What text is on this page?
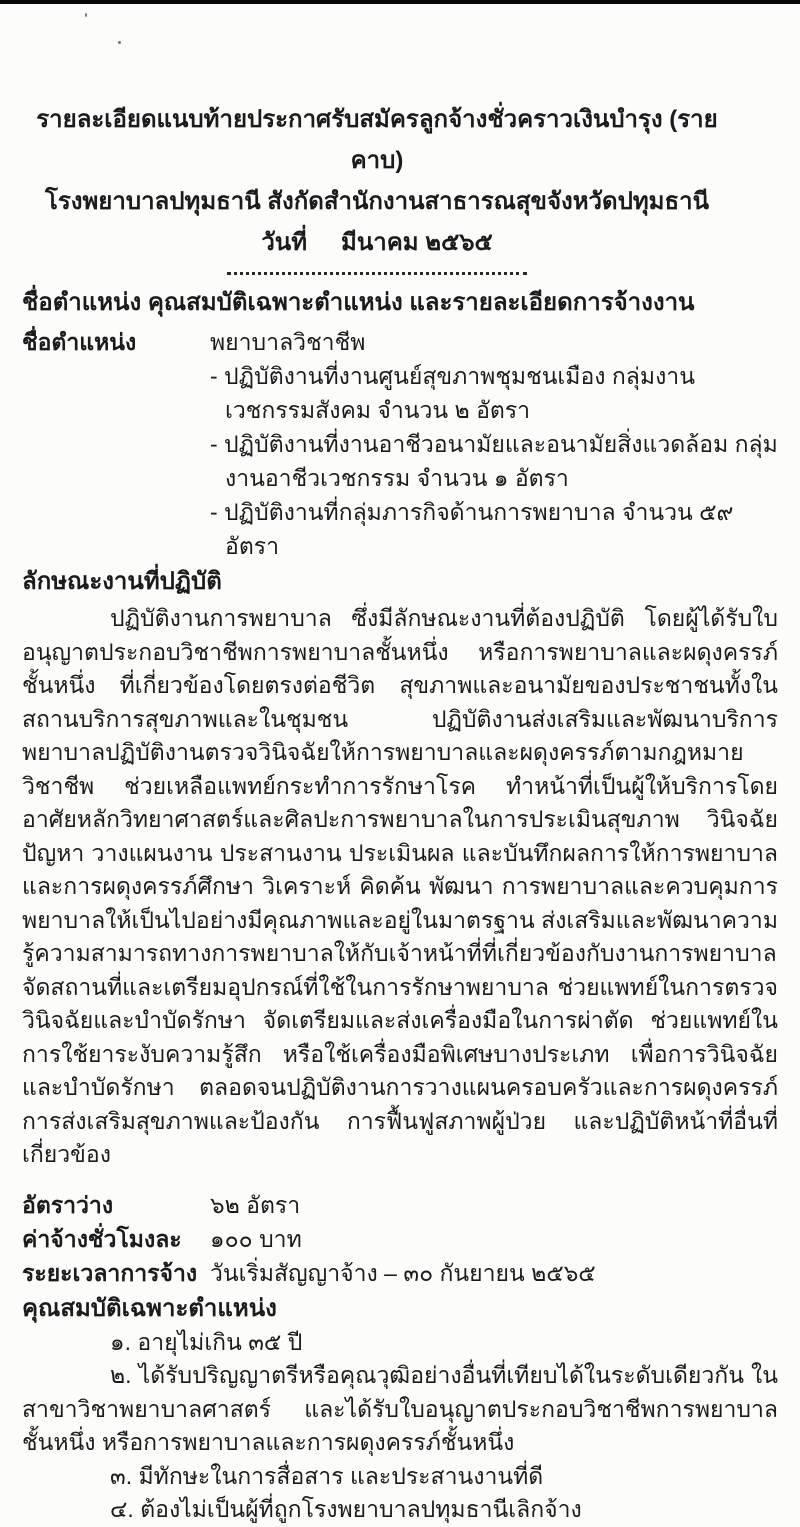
รายละเอียดแนบท้ายประกาศรับสมัครลูกจ้างชั่วคราวเงินบำรุง (รายคาบ)
โรงพยาบาลปทุมธานี สังกัดสำนักงานสาธารณสุขจังหวัดปทุมธานี
วันที่ มีนาคม ๒๕๖๕
ชื่อตำแหน่ง คุณสมบัติเฉพาะตำแหน่ง และรายละเอียดการจ้างงาน
ชื่อตำแหน่ง	พยาบาลวิชาชีพ
- ปฏิบัติงานที่งานศูนย์สุขภาพชุมชนเมือง กลุ่มงานเวชกรรมสังคม จำนวน ๒ อัตรา
- ปฏิบัติงานที่งานอาชีวอนามัยและอนามัยสิ่งแวดล้อม กลุ่มงานอาชีวเวชกรรม จำนวน ๑ อัตรา
- ปฏิบัติงานที่กลุ่มภารกิจด้านการพยาบาล จำนวน ๕๙ อัตรา
ลักษณะงานที่ปฏิบัติ

ปฏิบัติงานการพยาบาล ซึ่งมีลักษณะงานที่ต้องปฏิบัติ โดยผู้ได้รับใบอนุญาตประกอบวิชาชีพการพยาบาลชั้นหนึ่ง หรือการพยาบาลและผดุงครรภ์ชั้นหนึ่ง ที่เกี่ยวข้องโดยตรงต่อชีวิต สุขภาพและอนามัยของประชาชนทั้งในสถานบริการสุขภาพและในชุมชน ปฏิบัติงานส่งเสริมและพัฒนาบริการพยาบาลปฏิบัติงานตรวจวินิจฉัยให้การพยาบาลและผดุงครรภ์ตามกฎหมายวิชาชีพ ช่วยเหลือแพทย์กระทำการรักษาโรค ทำหน้าที่เป็นผู้ให้บริการโดยอาศัยหลักวิทยาศาสตร์และศิลปะการพยาบาลในการประเมินสุขภาพ วินิจฉัยปัญหา วางแผนงาน ประสานงาน ประเมินผล และบันทึกผลการให้การพยาบาลและการผดุงครรภ์ศึกษา วิเคราะห์ คิดค้น พัฒนา การพยาบาลและควบคุมการพยาบาลให้เป็นไปอย่างมีคุณภาพและอยู่ในมาตรฐาน ส่งเสริมและพัฒนาความรู้ความสามารถทางการพยาบาลให้กับเจ้าหน้าที่ที่เกี่ยวข้องกับงานการพยาบาล จัดสถานที่และเตรียมอุปกรณ์ที่ใช้ในการรักษาพยาบาล ช่วยแพทย์ในการตรวจวินิจฉัยและบำบัดรักษา จัดเตรียมและส่งเครื่องมือในการผ่าตัด ช่วยแพทย์ในการใช้ยาระงับความรู้สึก หรือใช้เครื่องมือพิเศษบางประเภท เพื่อการวินิจฉัยและบำบัดรักษา ตลอดจนปฏิบัติงานการวางแผนครอบครัวและการผดุงครรภ์การส่งเสริมสุขภาพและป้องกัน การฟื้นฟูสภาพผู้ป่วย และปฏิบัติหน้าที่อื่นที่เกี่ยวข้อง

อัตราว่าง	๖๒ อัตรา
ค่าจ้างชั่วโมงละ	๑๐๐ บาท
ระยะเวลาการจ้าง วันเริ่มสัญญาจ้าง – ๓๐ กันยายน ๒๕๖๕
คุณสมบัติเฉพาะตำแหน่ง

๑. อายุไม่เกิน ๓๕ ปี

๒. ได้รับปริญญาตรีหรือคุณวุฒิอย่างอื่นที่เทียบได้ในระดับเดียวกัน ในสาขาวิชาพยาบาลศาสตร์ และได้รับใบอนุญาตประกอบวิชาชีพการพยาบาลชั้นหนึ่ง หรือการพยาบาลและการผดุงครรภ์ชั้นหนึ่ง

๓. มีทักษะในการสื่อสาร และประสานงานที่ดี

๔. ต้องไม่เป็นผู้ที่ถูกโรงพยาบาลปทุมธานีเลิกจ้าง
